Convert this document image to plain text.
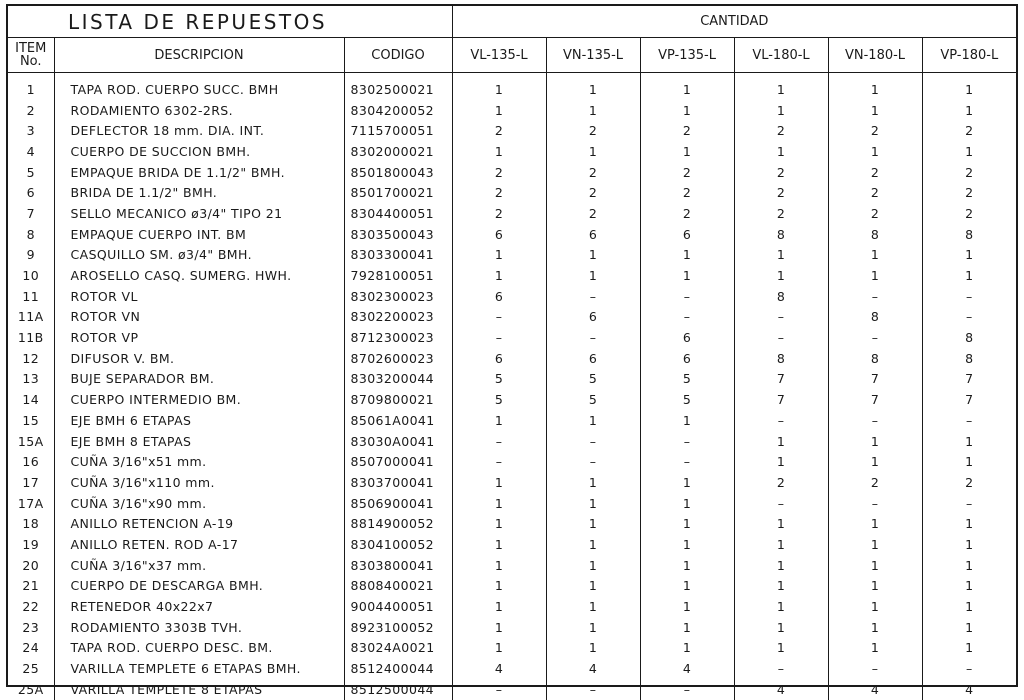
LISTA DE REPUESTOS			CANTIDAD					
ITEM
No.	DESCRIPCION	CODIGO	VL-135-L	VN-135-L	VP-135-L	VL-180-L	VN-180-L	VP-180-L
1	TAPA ROD. CUERPO SUCC. BMH	8302500021	1	1	1	1	1	1
2	RODAMIENTO 6302-2RS.	8304200052	1	1	1	1	1	1
3	DEFLECTOR 18 mm. DIA. INT.	7115700051	2	2	2	2	2	2
4	CUERPO DE SUCCION BMH.	8302000021	1	1	1	1	1	1
5	EMPAQUE BRIDA DE 1.1/2" BMH.	8501800043	2	2	2	2	2	2
6	BRIDA DE 1.1/2" BMH.	8501700021	2	2	2	2	2	2
7	SELLO MECANICO ø3/4" TIPO 21	8304400051	2	2	2	2	2	2
8	EMPAQUE CUERPO INT. BM	8303500043	6	6	6	8	8	8
9	CASQUILLO SM. ø3/4" BMH.	8303300041	1	1	1	1	1	1
10	AROSELLO CASQ. SUMERG. HWH.	7928100051	1	1	1	1	1	1
11	ROTOR VL	8302300023	6	–	–	8	–	–
11A	ROTOR VN	8302200023	–	6	–	–	8	–
11B	ROTOR VP	8712300023	–	–	6	–	–	8
12	DIFUSOR V. BM.	8702600023	6	6	6	8	8	8
13	BUJE SEPARADOR BM.	8303200044	5	5	5	7	7	7
14	CUERPO INTERMEDIO BM.	8709800021	5	5	5	7	7	7
15	EJE BMH 6 ETAPAS	85061A0041	1	1	1	–	–	–
15A	EJE BMH 8 ETAPAS	83030A0041	–	–	–	1	1	1
16	CUÑA 3/16"x51 mm.	8507000041	–	–	–	1	1	1
17	CUÑA 3/16"x110 mm.	8303700041	1	1	1	2	2	2
17A	CUÑA 3/16"x90 mm.	8506900041	1	1	1	–	–	–
18	ANILLO RETENCION A-19	8814900052	1	1	1	1	1	1
19	ANILLO RETEN. ROD A-17	8304100052	1	1	1	1	1	1
20	CUÑA 3/16"x37 mm.	8303800041	1	1	1	1	1	1
21	CUERPO DE DESCARGA BMH.	8808400021	1	1	1	1	1	1
22	RETENEDOR 40x22x7	9004400051	1	1	1	1	1	1
23	RODAMIENTO 3303B TVH.	8923100052	1	1	1	1	1	1
24	TAPA ROD. CUERPO DESC. BM.	83024A0021	1	1	1	1	1	1
25	VARILLA TEMPLETE 6 ETAPAS BMH.	8512400044	4	4	4	–	–	–
25A	VARILLA TEMPLETE 8 ETAPAS	8512500044	–	–	–	4	4	4
